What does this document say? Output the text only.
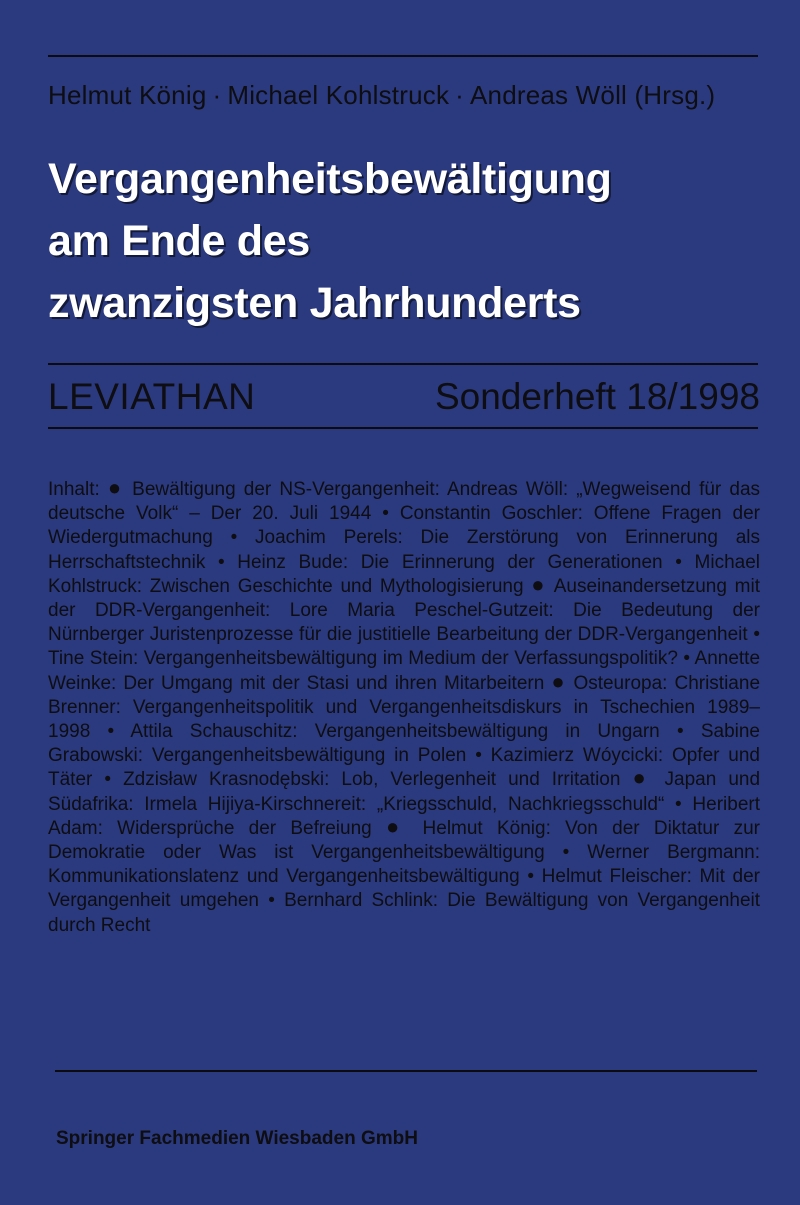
Helmut König · Michael Kohlstruck · Andreas Wöll (Hrsg.)
Vergangenheitsbewältigung
am Ende des
zwanzigsten Jahrhunderts
LEVIATHAN	Sonderheft 18/1998
Inhalt: ● Bewältigung der NS-Vergangenheit: Andreas Wöll: „Wegweisend für das deutsche Volk“ – Der 20. Juli 1944 • Constantin Goschler: Offene Fragen der Wiedergutmachung • Joachim Perels: Die Zerstörung von Erinnerung als Herrschaftstechnik • Heinz Bude: Die Erinnerung der Generationen • Michael Kohlstruck: Zwischen Geschichte und Mythologisierung ● Auseinandersetzung mit der DDR-Vergangenheit: Lore Maria Peschel-Gutzeit: Die Bedeutung der Nürnberger Juristenprozesse für die justitielle Bearbeitung der DDR-Vergangenheit • Tine Stein: Vergangenheitsbewältigung im Medium der Verfassungspolitik? • Annette Weinke: Der Umgang mit der Stasi und ihren Mitarbeitern ● Osteuropa: Christiane Brenner: Vergangenheitspolitik und Vergangenheitsdiskurs in Tschechien 1989–1998 • Attila Schauschitz: Vergangenheitsbewältigung in Ungarn • Sabine Grabowski: Vergangenheitsbewältigung in Polen • Kazimierz Wóycicki: Opfer und Täter • Zdzisław Krasnodębski: Lob, Verlegenheit und Irritation ● Japan und Südafrika: Irmela Hijiya-Kirschnereit: „Kriegsschuld, Nachkriegsschuld“ • Heribert Adam: Widersprüche der Befreiung ● Helmut König: Von der Diktatur zur Demokratie oder Was ist Vergangenheitsbewältigung • Werner Bergmann: Kommunikationslatenz und Vergangenheitsbewältigung • Helmut Fleischer: Mit der Vergangenheit umgehen • Bernhard Schlink: Die Bewältigung von Vergangenheit durch Recht
Springer Fachmedien Wiesbaden GmbH
